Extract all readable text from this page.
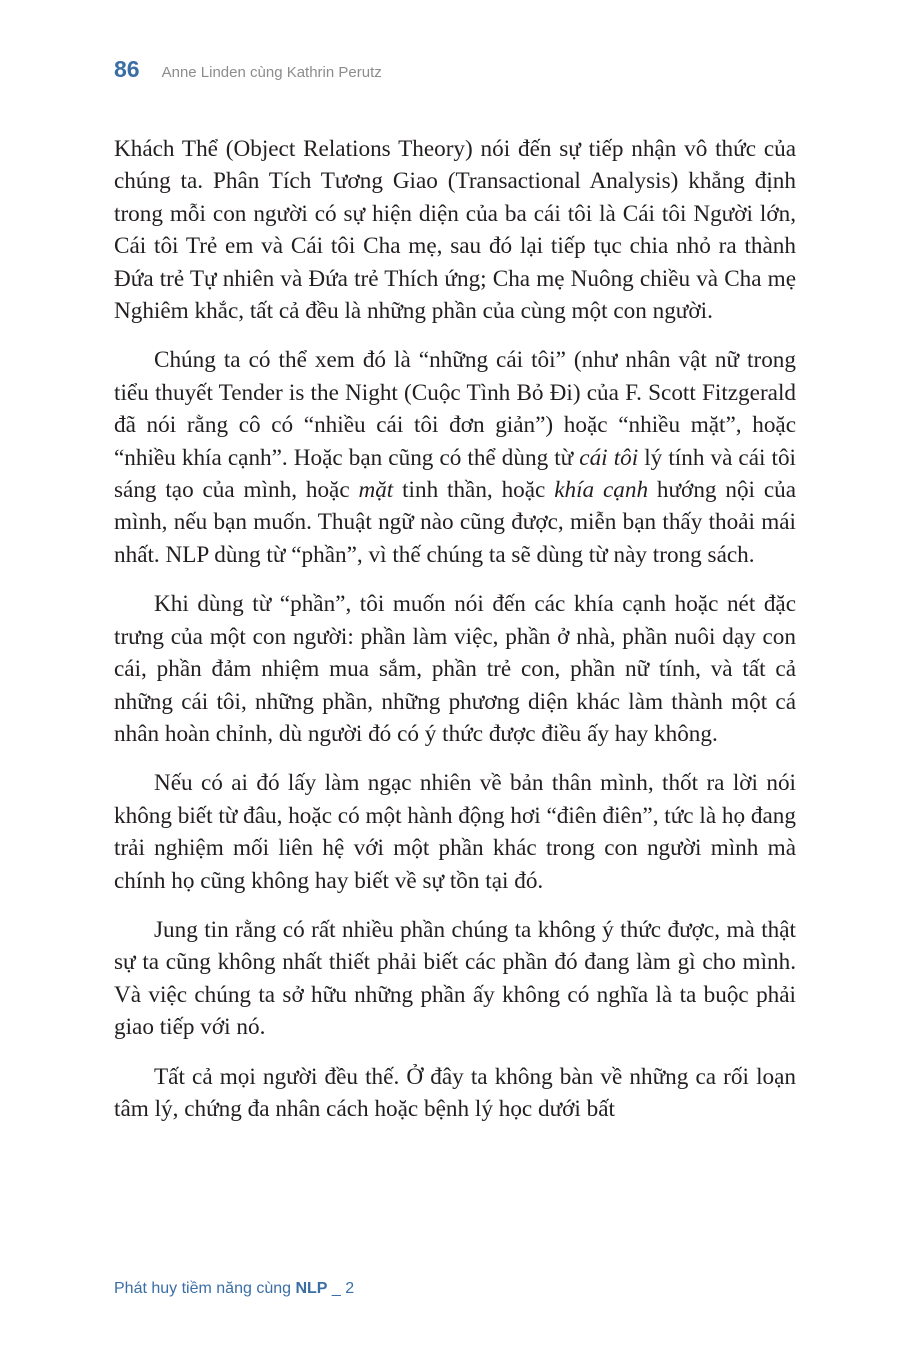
86 Anne Linden cùng Kathrin Perutz

Khách Thể (Object Relations Theory) nói đến sự tiếp nhận vô thức của chúng ta. Phân Tích Tương Giao (Transactional Analysis) khẳng định trong mỗi con người có sự hiện diện của ba cái tôi là Cái tôi Người lớn, Cái tôi Trẻ em và Cái tôi Cha mẹ, sau đó lại tiếp tục chia nhỏ ra thành Đứa trẻ Tự nhiên và Đứa trẻ Thích ứng; Cha mẹ Nuông chiều và Cha mẹ Nghiêm khắc, tất cả đều là những phần của cùng một con người.

Chúng ta có thể xem đó là “những cái tôi” (như nhân vật nữ trong tiểu thuyết Tender is the Night (Cuộc Tình Bỏ Đi) của F. Scott Fitzgerald đã nói rằng cô có “nhiều cái tôi đơn giản”) hoặc “nhiều mặt”, hoặc “nhiều khía cạnh”. Hoặc bạn cũng có thể dùng từ cái tôi lý tính và cái tôi sáng tạo của mình, hoặc mặt tinh thần, hoặc khía cạnh hướng nội của mình, nếu bạn muốn. Thuật ngữ nào cũng được, miễn bạn thấy thoải mái nhất. NLP dùng từ “phần”, vì thế chúng ta sẽ dùng từ này trong sách.

Khi dùng từ “phần”, tôi muốn nói đến các khía cạnh hoặc nét đặc trưng của một con người: phần làm việc, phần ở nhà, phần nuôi dạy con cái, phần đảm nhiệm mua sắm, phần trẻ con, phần nữ tính, và tất cả những cái tôi, những phần, những phương diện khác làm thành một cá nhân hoàn chỉnh, dù người đó có ý thức được điều ấy hay không.

Nếu có ai đó lấy làm ngạc nhiên về bản thân mình, thốt ra lời nói không biết từ đâu, hoặc có một hành động hơi “điên điên”, tức là họ đang trải nghiệm mối liên hệ với một phần khác trong con người mình mà chính họ cũng không hay biết về sự tồn tại đó.

Jung tin rằng có rất nhiều phần chúng ta không ý thức được, mà thật sự ta cũng không nhất thiết phải biết các phần đó đang làm gì cho mình. Và việc chúng ta sở hữu những phần ấy không có nghĩa là ta buộc phải giao tiếp với nó.

Tất cả mọi người đều thế. Ở đây ta không bàn về những ca rối loạn tâm lý, chứng đa nhân cách hoặc bệnh lý học dưới bất

Phát huy tiềm năng cùng NLP _ 2
